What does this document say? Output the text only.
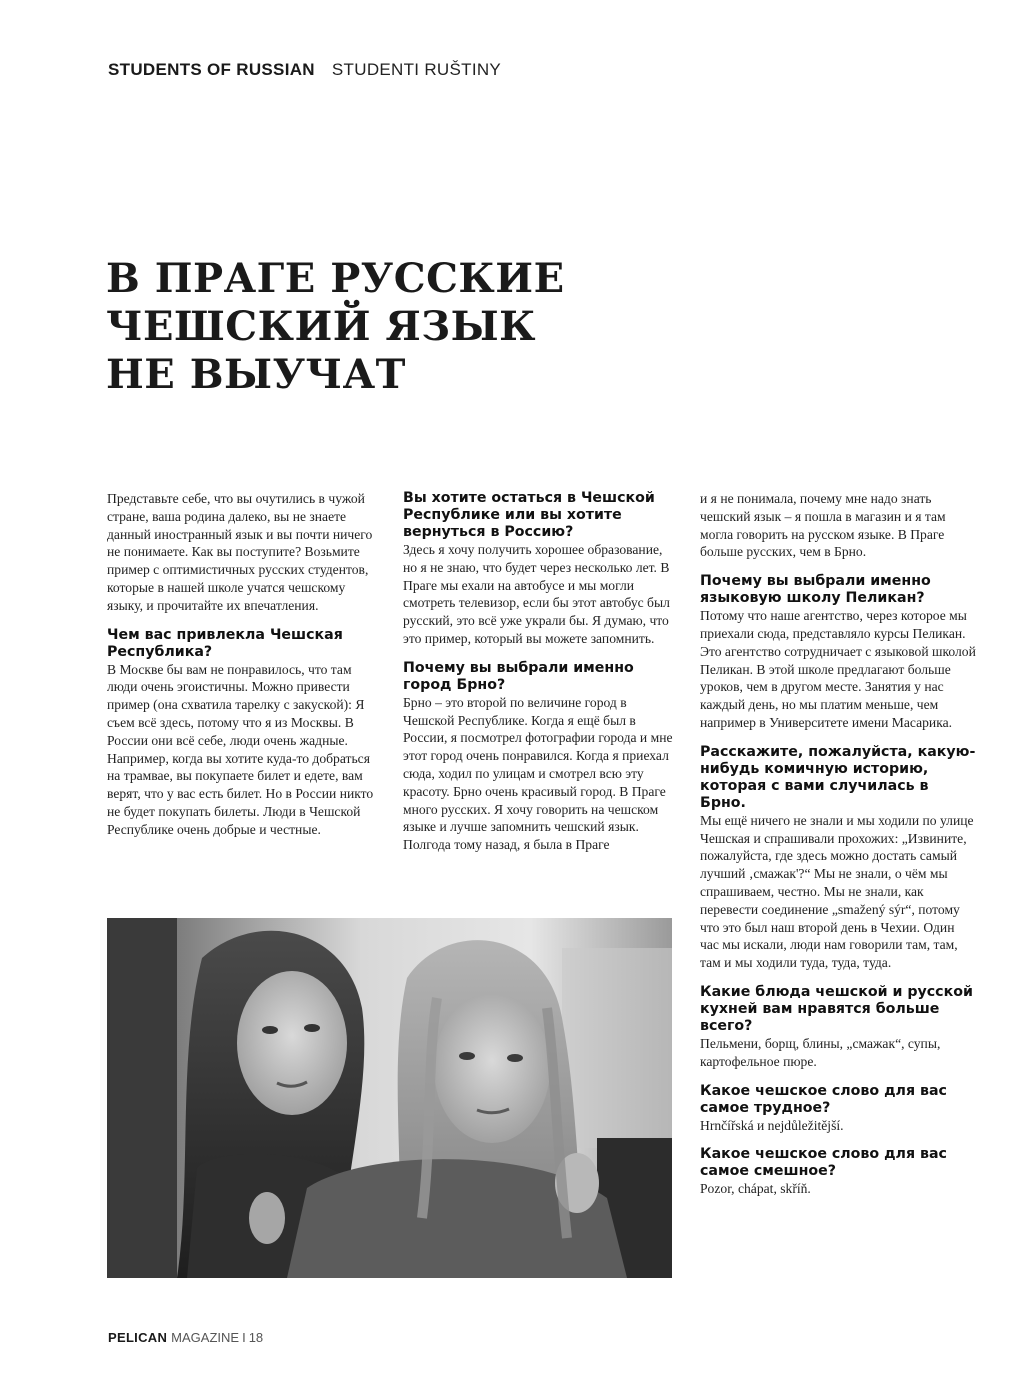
STUDENTS OF RUSSIAN STUDENTI RUŠTINY
В ПРАГЕ РУССКИЕ
ЧЕШСКИЙ ЯЗЫК
НЕ ВЫУЧАТ

Представьте себе, что вы очутились в чужой стране, ваша родина далеко, вы не знаете данный иностранный язык и вы почти ничего не понимаете. Как вы поступите? Возьмите пример с оптимистичных русских студентов, которые в нашей школе учатся чешскому языку, и прочитайте их впечатления.

Чем вас привлекла Чешская Республика?

В Москве бы вам не понравилось, что там люди очень эгоистичны. Можно привести пример (она схватила тарелку с закуской): Я съем всё здесь, потому что я из Москвы. В России они всё себе, люди очень жадные. Например, когда вы хотите куда-то добраться на трамвае, вы покупаете билет и едете, вам верят, что у вас есть билет. Но в России никто не будет покупать билеты. Люди в Чешской Республике очень добрые и честные.

Вы хотите остаться в Чешской Республике или вы хотите вернуться в Россию?

Здесь я хочу получить хорошее образование, но я не знаю, что будет через несколько лет. В Праге мы ехали на автобусе и мы могли смотреть телевизор, если бы этот автобус был русский, это всё уже украли бы. Я думаю, что это пример, который вы можете запомнить.

Почему вы выбрали именно город Брно?

Брно – это второй по величине город в Чешской Республике. Когда я ещё был в России, я посмотрел фотографии города и мне этот город очень понравился. Когда я приехал сюда, ходил по улицам и смотрел всю эту красоту. Брно очень красивый город. В Праге много русских. Я хочу говорить на чешском языке и лучше запомнить чешский язык. Полгода тому назад, я была в Праге

и я не понимала, почему мне надо знать чешский язык – я пошла в магазин и я там могла говорить на русском языке. В Праге больше русских, чем в Брно.

Почему вы выбрали именно языковую школу Пеликан?

Потому что наше агентство, через которое мы приехали сюда, представляло курсы Пеликан. Это агентство сотрудничает с языковой школой Пеликан. В этой школе предлагают больше уроков, чем в другом месте. Занятия у нас каждый день, но мы платим меньше, чем например в Университете имени Масарика.

Расскажите, пожалуйста, какую-нибудь комичную историю, которая с вами случилась в Брно.

Мы ещё ничего не знали и мы ходили по улице Чешская и спрашивали прохожих: „Извините, пожалуйста, где здесь можно достать самый лучший ‚смажак'?“ Мы не знали, о чём мы спрашиваем, честно. Мы не знали, как перевести соединение „smažený sýr“, потому что это был наш второй день в Чехии. Один час мы искали, люди нам говорили там, там, там и мы ходили туда, туда, туда.

Какие блюда чешской и русской кухней вам нравятся больше всего?

Пельмени, борщ, блины, „смажак“, супы, картофельное пюре.

Какое чешское слово для вас самое трудное?

Hrnčířská и nejdůležitější.

Какое чешское слово для вас самое смешное?

Pozor, chápat, skříň.

PELICAN MAGAZINE I 18
